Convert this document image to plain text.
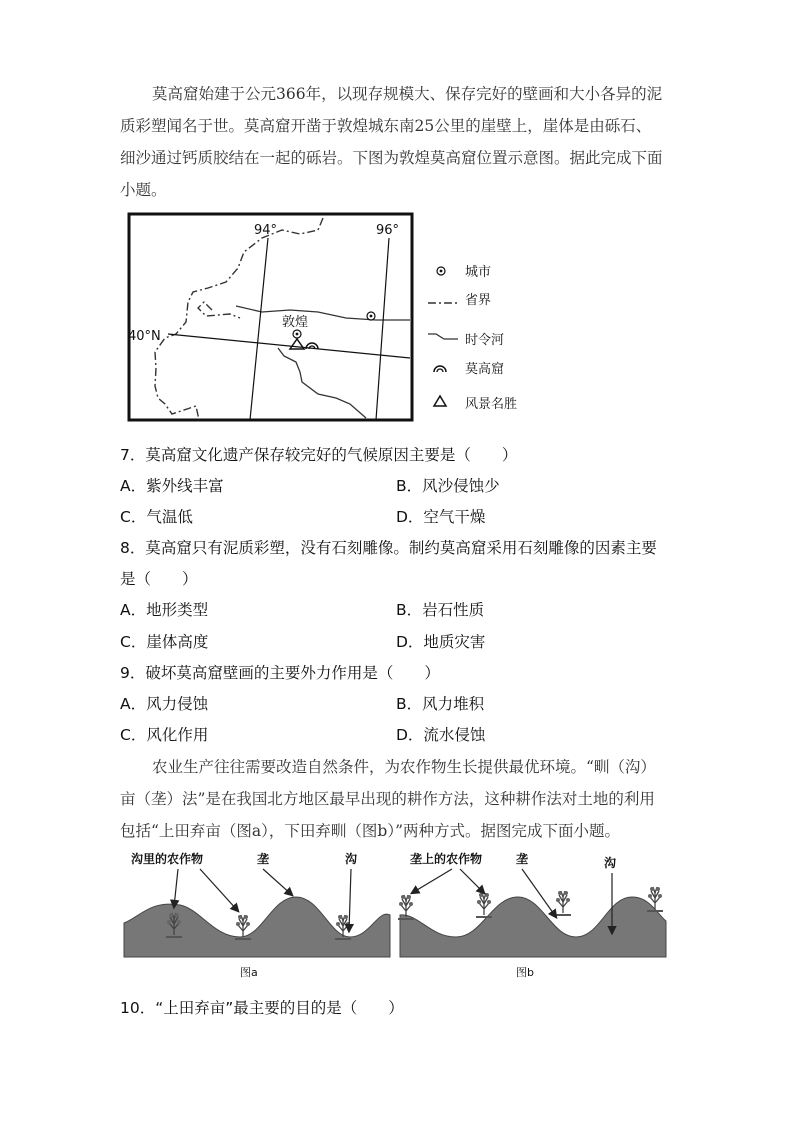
莫高窟始建于公元366年，以现存规模大、保存完好的壁画和大小各异的泥
质彩塑闻名于世。莫高窟开凿于敦煌城东南25公里的崖壁上，崖体是由砾石、
细沙通过钙质胶结在一起的砾岩。下图为敦煌莫高窟位置示意图。据此完成下面
小题。
94°	96°
40°N
敦煌
城市
省界
时令河
莫高窟
风景名胜
7．莫高窟文化遗产保存较完好的气候原因主要是（　　）
A．紫外线丰富	B．风沙侵蚀少
C．气温低	D．空气干燥
8．莫高窟只有泥质彩塑，没有石刻雕像。制约莫高窟采用石刻雕像的因素主要
是（　　）
A．地形类型	B．岩石性质
C．崖体高度	D．地质灾害
9．破坏莫高窟壁画的主要外力作用是（　　）
A．风力侵蚀	B．风力堆积
C．风化作用	D．流水侵蚀
农业生产往往需要改造自然条件，为农作物生长提供最优环境。“甽（沟）
亩（垄）法”是在我国北方地区最早出现的耕作方法，这种耕作法对土地的利用
包括“上田弃亩（图a），下田弃甽（图b）”两种方式。据图完成下面小题。
沟里的农作物	垄	沟
图a
垄上的农作物	垄	沟
图b
10．“上田弃亩”最主要的目的是（　　）
